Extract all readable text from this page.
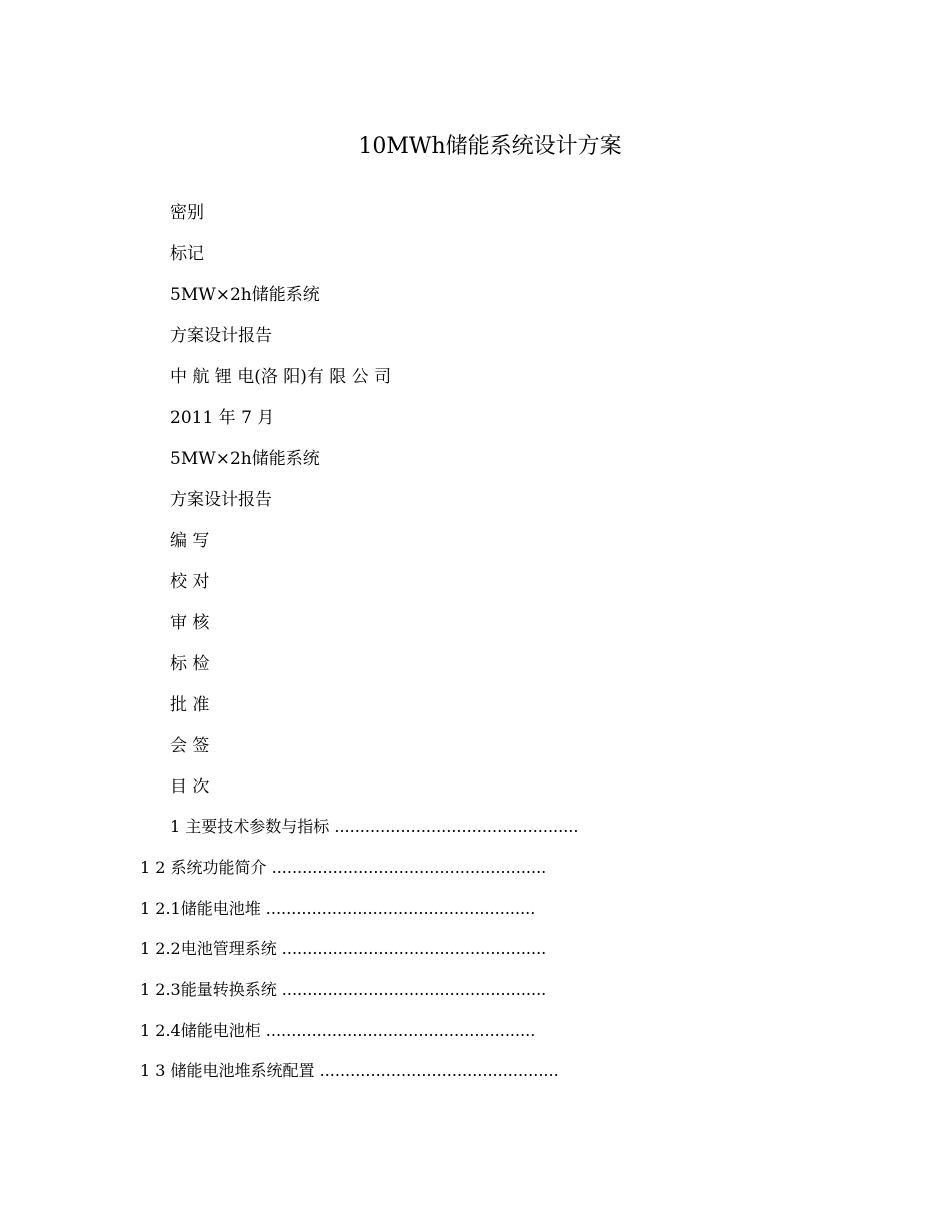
10MWh储能系统设计方案
密别
标记
5MW×2h储能系统
方案设计报告
中 航 锂 电(洛 阳)有 限 公 司
2011 年 7 月
5MW×2h储能系统
方案设计报告
编 写
校 对
审 核
标 检
批 准
会 签
目 次
1 主要技术参数与指标 ................................................
1 2 系统功能简介 ......................................................
1 2.1储能电池堆 .....................................................
1 2.2电池管理系统 ....................................................
1 2.3能量转换系统 ....................................................
1 2.4储能电池柜 .....................................................
1 3 储能电池堆系统配置 ...............................................
